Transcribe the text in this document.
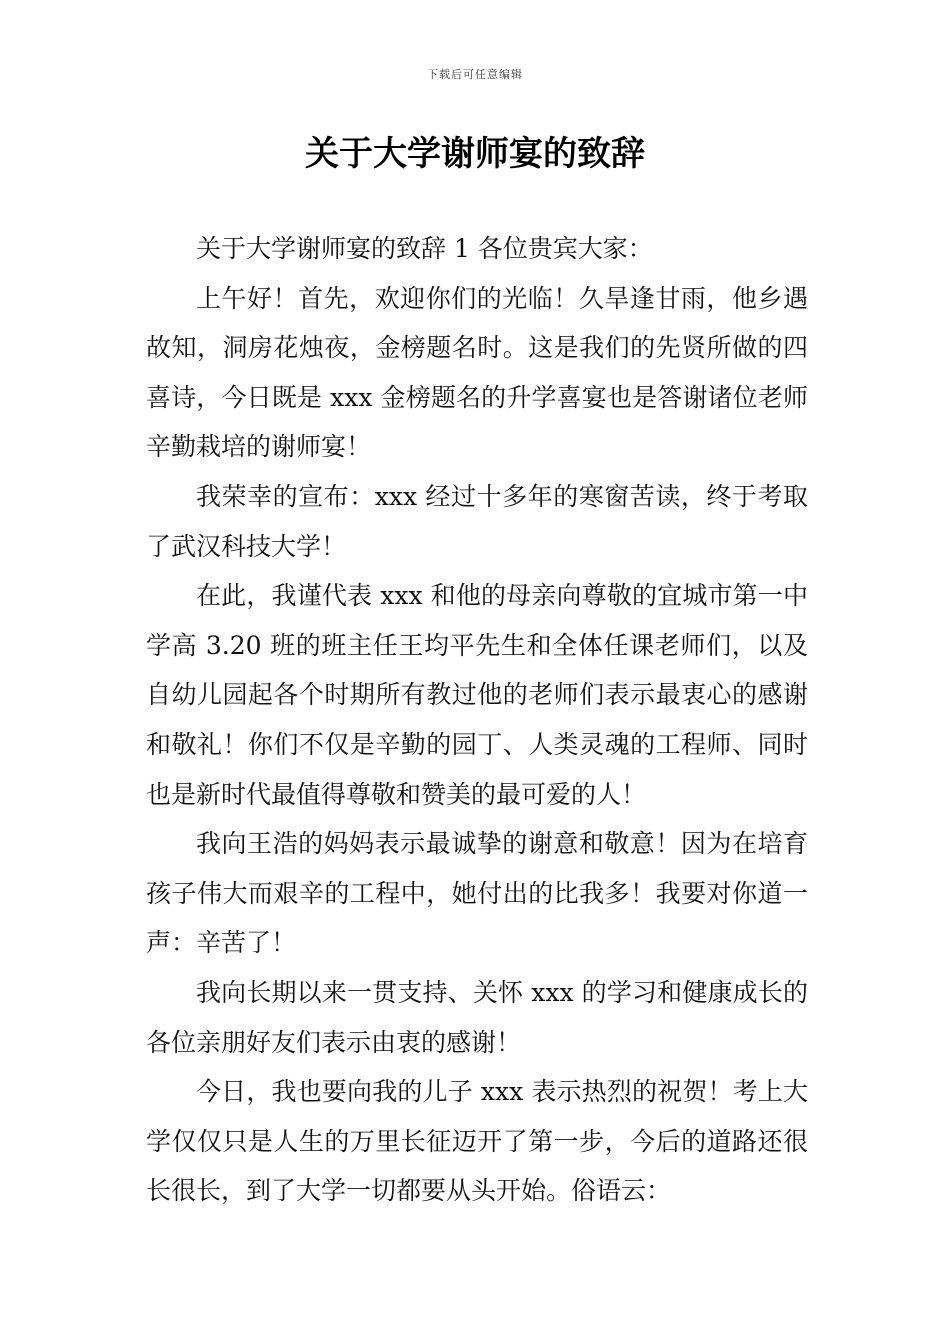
下载后可任意编辑
关于大学谢师宴的致辞

关于大学谢师宴的致辞 1 各位贵宾大家：

上午好！首先，欢迎你们的光临！久旱逢甘雨，他乡遇故知，洞房花烛夜，金榜题名时。这是我们的先贤所做的四喜诗，今日既是 xxx 金榜题名的升学喜宴也是答谢诸位老师辛勤栽培的谢师宴！

我荣幸的宣布：xxx 经过十多年的寒窗苦读，终于考取了武汉科技大学！

在此，我谨代表 xxx 和他的母亲向尊敬的宜城市第一中学高 3.20 班的班主任王均平先生和全体任课老师们，以及自幼儿园起各个时期所有教过他的老师们表示最衷心的感谢和敬礼！你们不仅是辛勤的园丁、人类灵魂的工程师、同时也是新时代最值得尊敬和赞美的最可爱的人！

我向王浩的妈妈表示最诚挚的谢意和敬意！因为在培育孩子伟大而艰辛的工程中，她付出的比我多！我要对你道一声：辛苦了！

我向长期以来一贯支持、关怀 xxx 的学习和健康成长的各位亲朋好友们表示由衷的感谢！

今日，我也要向我的儿子 xxx 表示热烈的祝贺！考上大学仅仅只是人生的万里长征迈开了第一步，今后的道路还很长很长，到了大学一切都要从头开始。俗语云：
